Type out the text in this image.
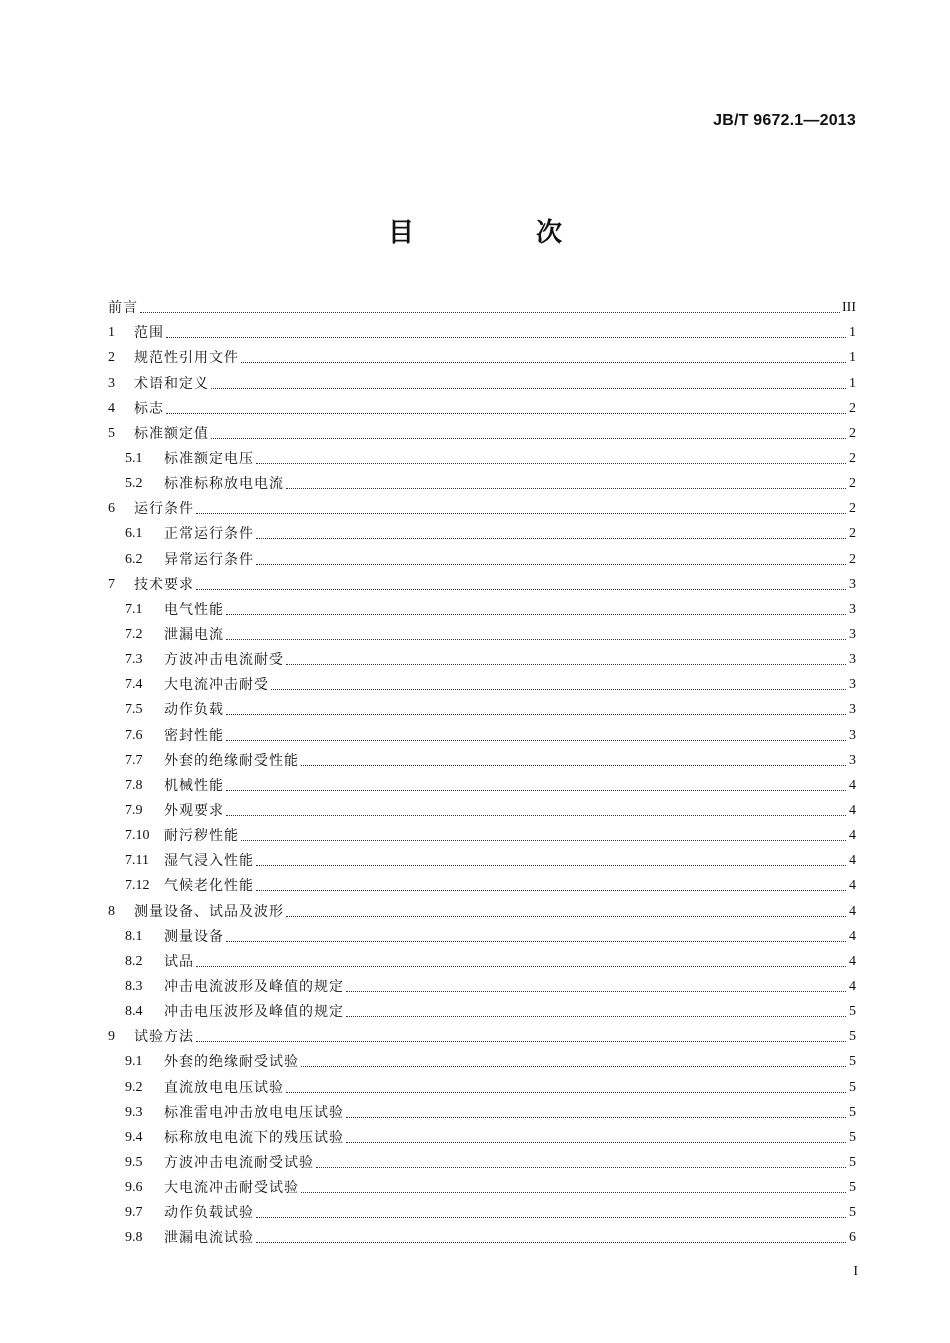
JB/T 9672.1—2013
目　次
前言	III
1	范围	1
2	规范性引用文件	1
3	术语和定义	1
4	标志	2
5	标准额定值	2
5.1	标准额定电压	2
5.2	标准标称放电电流	2
6	运行条件	2
6.1	正常运行条件	2
6.2	异常运行条件	2
7	技术要求	3
7.1	电气性能	3
7.2	泄漏电流	3
7.3	方波冲击电流耐受	3
7.4	大电流冲击耐受	3
7.5	动作负载	3
7.6	密封性能	3
7.7	外套的绝缘耐受性能	3
7.8	机械性能	4
7.9	外观要求	4
7.10	耐污秽性能	4
7.11	湿气浸入性能	4
7.12	气候老化性能	4
8	测量设备、试品及波形	4
8.1	测量设备	4
8.2	试品	4
8.3	冲击电流波形及峰值的规定	4
8.4	冲击电压波形及峰值的规定	5
9	试验方法	5
9.1	外套的绝缘耐受试验	5
9.2	直流放电电压试验	5
9.3	标准雷电冲击放电电压试验	5
9.4	标称放电电流下的残压试验	5
9.5	方波冲击电流耐受试验	5
9.6	大电流冲击耐受试验	5
9.7	动作负载试验	5
9.8	泄漏电流试验	6
I
